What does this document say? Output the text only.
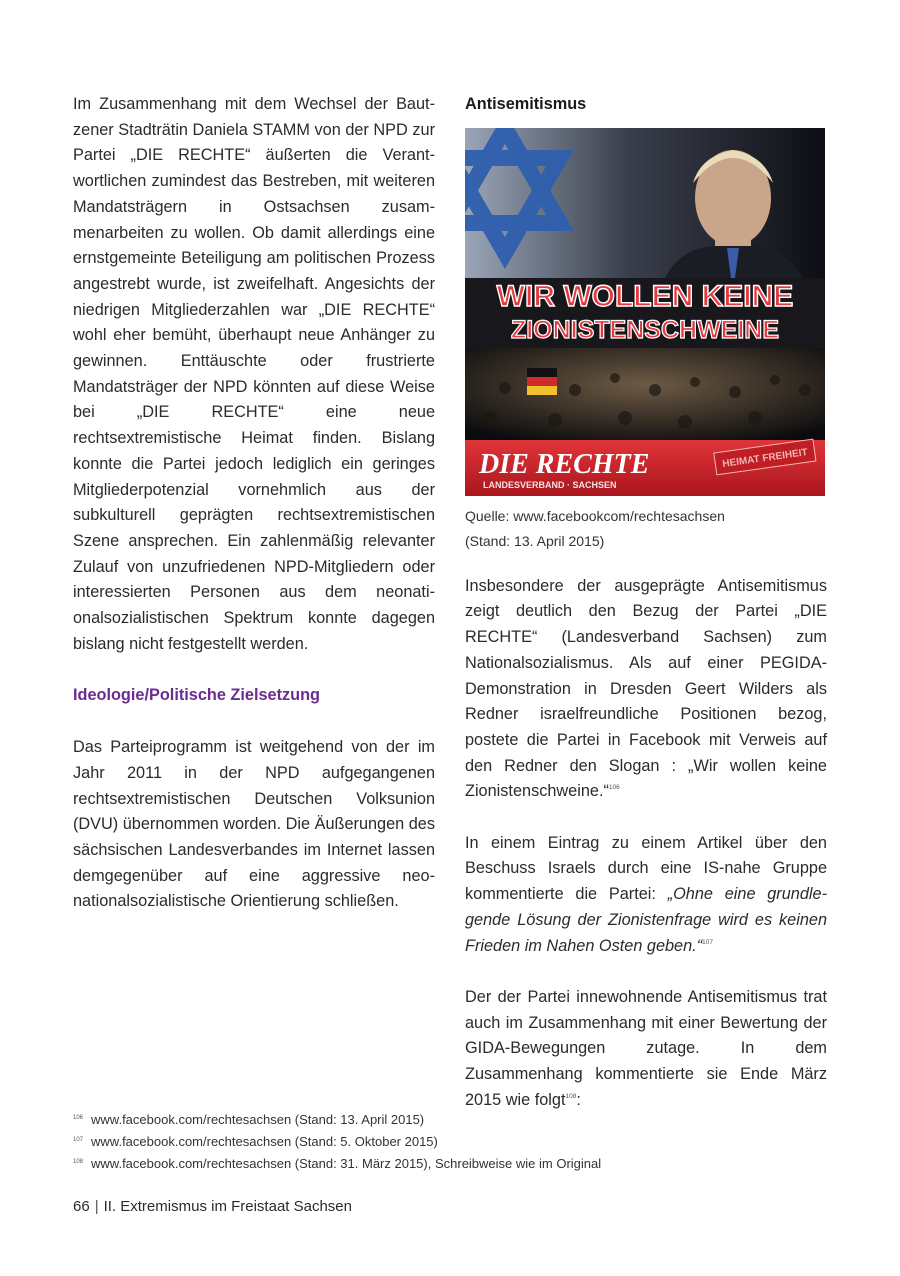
Im Zusammenhang mit dem Wechsel der Bautzener Stadträtin Daniela STAMM von der NPD zur Partei „DIE RECHTE“ äußerten die Verantwortlichen zumindest das Bestreben, mit weiteren Mandatsträgern in Ostsachsen zusammenarbeiten zu wollen. Ob damit allerdings eine ernstgemeinte Beteiligung am politischen Prozess angestrebt wurde, ist zweifelhaft. Angesichts der niedrigen Mitgliederzahlen war „DIE RECHTE“ wohl eher bemüht, überhaupt neue Anhänger zu gewinnen. Enttäuschte oder frustrierte Mandatsträger der NPD könnten auf diese Weise bei „DIE RECHTE“ eine neue rechtsextremistische Heimat finden. Bislang konnte die Partei jedoch lediglich ein geringes Mitgliederpotenzial vornehmlich aus der subkulturell geprägten rechtsextremistischen Szene ansprechen. Ein zahlenmäßig relevanter Zulauf von unzufriedenen NPD-Mitgliedern oder interessierten Personen aus dem neonationalsozialistischen Spektrum konnte dagegen bislang nicht festgestellt werden.

Ideologie/Politische Zielsetzung

Das Parteiprogramm ist weitgehend von der im Jahr 2011 in der NPD aufgegangenen rechtsextremistischen Deutschen Volksunion (DVU) übernommen worden. Die Äußerungen des sächsischen Landesverbandes im Internet lassen demgegenüber auf eine aggressive neonationalsozialistische Orientierung schließen.

Antisemitismus

WIR WOLLEN KEINE
ZIONISTENSCHWEINE
DIE RECHTE
LANDESVERBAND · SACHSEN
HEIMAT FREIHEIT
Quelle: www.facebookcom/rechtesachsen
(Stand: 13. April 2015)

Insbesondere der ausgeprägte Antisemitismus zeigt deutlich den Bezug der Partei „DIE RECHTE“ (Landesverband Sachsen) zum Nationalsozialismus. Als auf einer PEGIDA-Demonstration in Dresden Geert Wilders als Redner israelfreundliche Positionen bezog, postete die Partei in Facebook mit Verweis auf den Redner den Slogan : „Wir wollen keine Zionistenschweine.“$^{106}$

In einem Eintrag zu einem Artikel über den Beschuss Israels durch eine IS-nahe Gruppe kommentierte die Partei: „Ohne eine grundlegende Lösung der Zionistenfrage wird es keinen Frieden im Nahen Osten geben.“$^{107}$

Der der Partei innewohnende Antisemitismus trat auch im Zusammenhang mit einer Bewertung der GIDA-Bewegungen zutage. In dem Zusammenhang kommentierte sie Ende März 2015 wie folgt$^{108}$:

$^{106}$ www.facebook.com/rechtesachsen (Stand: 13. April 2015)
$^{107}$ www.facebook.com/rechtesachsen (Stand: 5. Oktober 2015)
$^{108}$ www.facebook.com/rechtesachsen (Stand: 31. März 2015), Schreibweise wie im Original
66 | II. Extremismus im Freistaat Sachsen
